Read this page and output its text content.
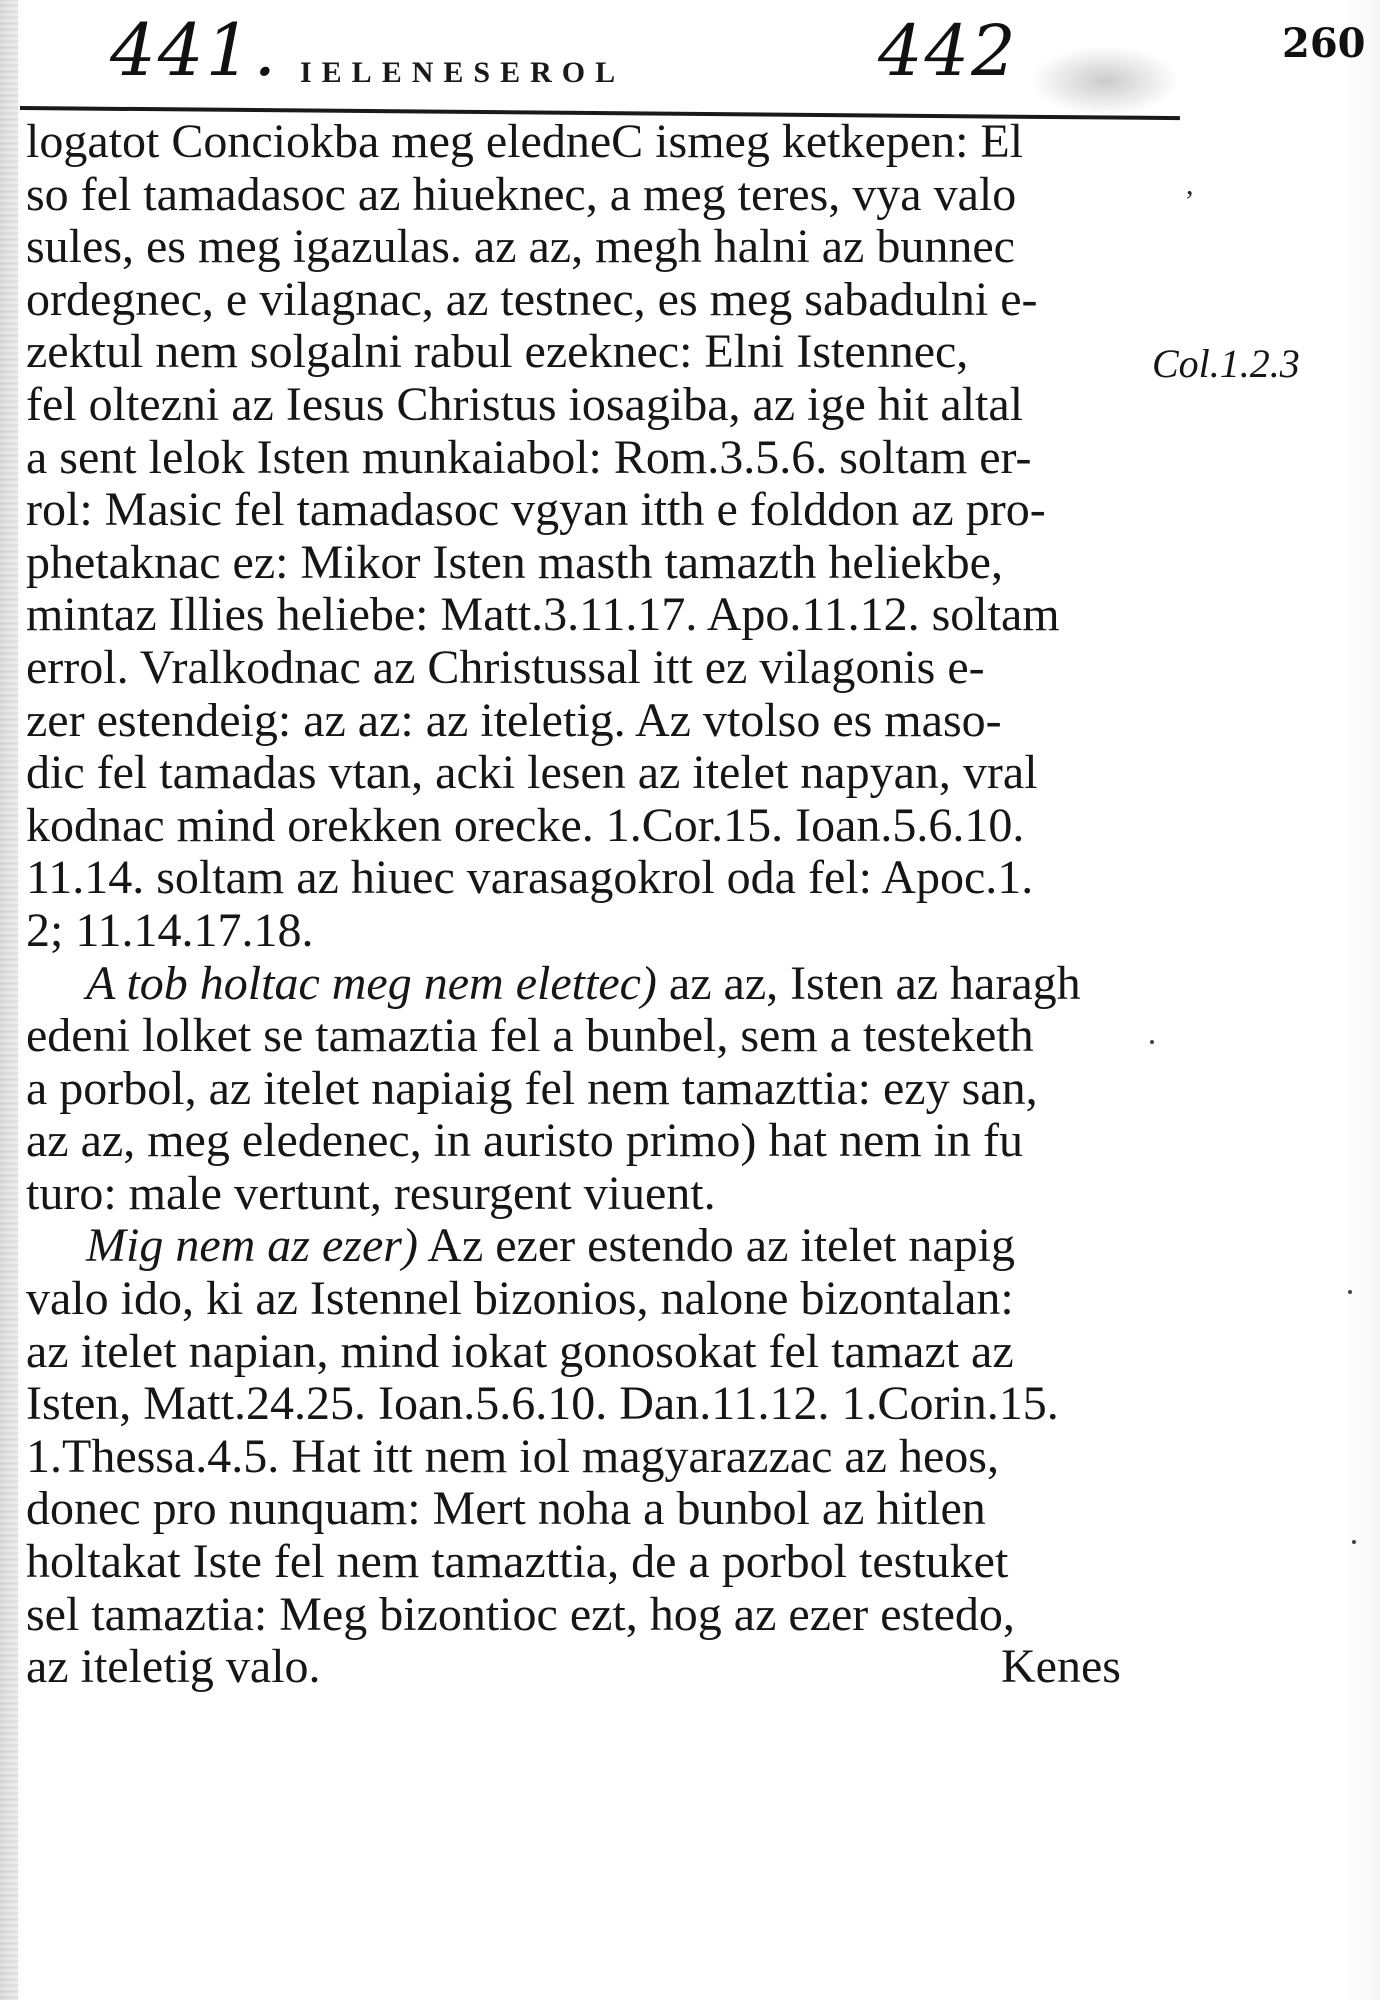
441. IELENESEROL	442	260
,
Col.1.2.3
logatot Conciokba meg eledneC ismeg ketkepen: El
so fel tamadasoc az hiueknec, a meg teres, vya valo
sules, es meg igazulas. az az, megh halni az bunnec
ordegnec, e vilagnac, az testnec, es meg sabadulni e-
zektul nem solgalni rabul ezeknec: Elni Istennec,
fel oltezni az Iesus Christus iosagiba, az ige hit altal
a sent lelok Isten munkaiabol: Rom.3.5.6. soltam er-
rol: Masic fel tamadasoc vgyan itth e folddon az pro-
phetaknac ez: Mikor Isten masth tamazth heliekbe,
mintaz Illies heliebe: Matt.3.11.17. Apo.11.12. soltam
errol. Vralkodnac az Christussal itt ez vilagonis e-
zer estendeig: az az: az iteletig. Az vtolso es maso-
dic fel tamadas vtan, acki lesen az itelet napyan, vral
kodnac mind orekken orecke. 1.Cor.15. Ioan.5.6.10.
11.14. soltam az hiuec varasagokrol oda fel: Apoc.1.
2; 11.14.17.18.
A tob holtac meg nem elettec) az az, Isten az haragh
edeni lolket se tamaztia fel a bunbel, sem a testeketh
a porbol, az itelet napiaig fel nem tamazttia: ezy san,
az az, meg eledenec, in auristo primo) hat nem in fu
turo: male vertunt, resurgent viuent.
Mig nem az ezer) Az ezer estendo az itelet napig
valo ido, ki az Istennel bizonios, nalone bizontalan:
az itelet napian, mind iokat gonosokat fel tamazt az
Isten, Matt.24.25. Ioan.5.6.10. Dan.11.12. 1.Corin.15.
1.Thessa.4.5. Hat itt nem iol magyarazzac az heos,
donec pro nunquam: Mert noha a bunbol az hitlen
holtakat Iste fel nem tamazttia, de a porbol testuket
sel tamaztia: Meg bizontioc ezt, hog az ezer estedo,
az iteletig valo.	Kenes
